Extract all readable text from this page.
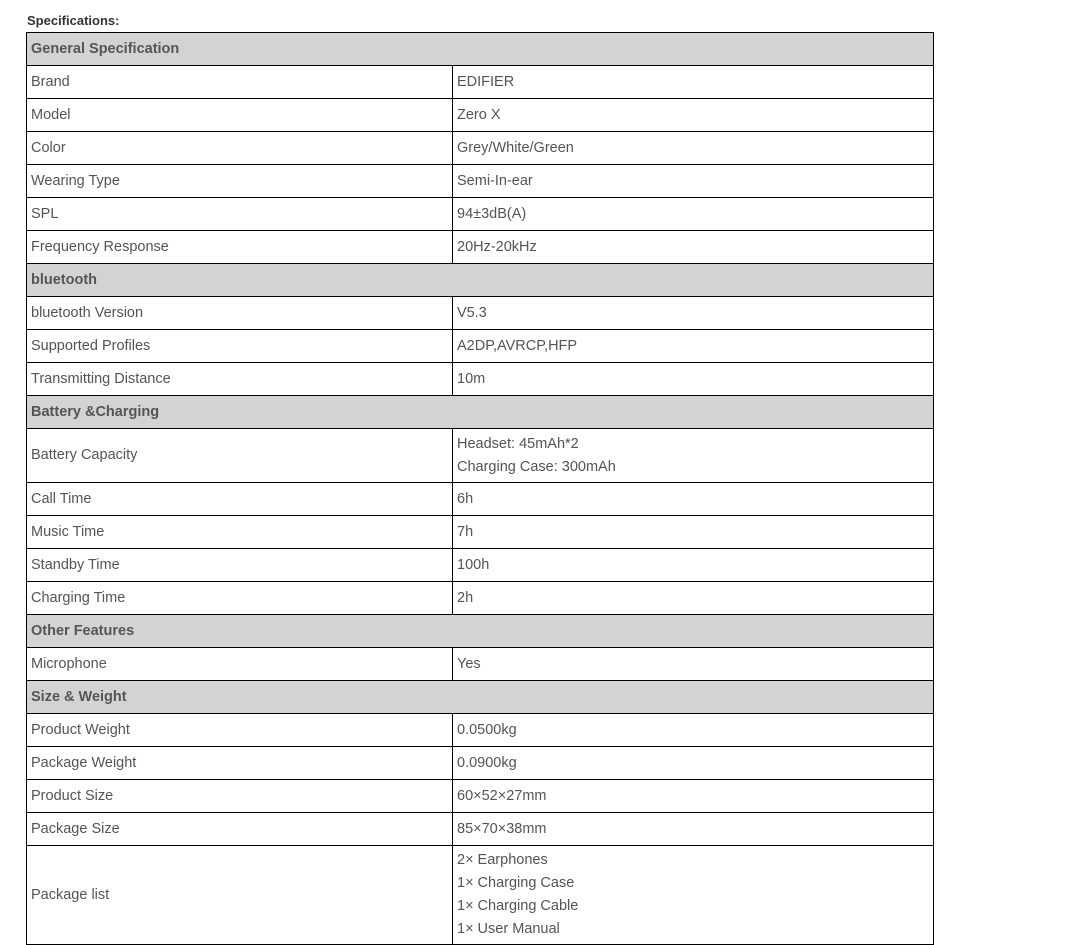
Specifications:
General Specification	
Brand	EDIFIER

Model	Zero X

Color	Grey/White/Green

Wearing Type	Semi-In-ear

SPL	94±3dB(A)

Frequency Response	20Hz-20kHz

bluetooth	
bluetooth Version	V5.3

Supported Profiles	A2DP,AVRCP,HFP

Transmitting Distance	10m

Battery &Charging	
Battery Capacity	Headset: 45mAh*2
Charging Case: 300mAh

Call Time	6h

Music Time	7h

Standby Time	100h

Charging Time	2h

Other Features	
Microphone	Yes

Size & Weight	
Product Weight	0.0500kg

Package Weight	0.0900kg

Product Size	60×52×27mm

Package Size	85×70×38mm

Package list	2× Earphones
1× Charging Case
1× Charging Cable
1× User Manual
